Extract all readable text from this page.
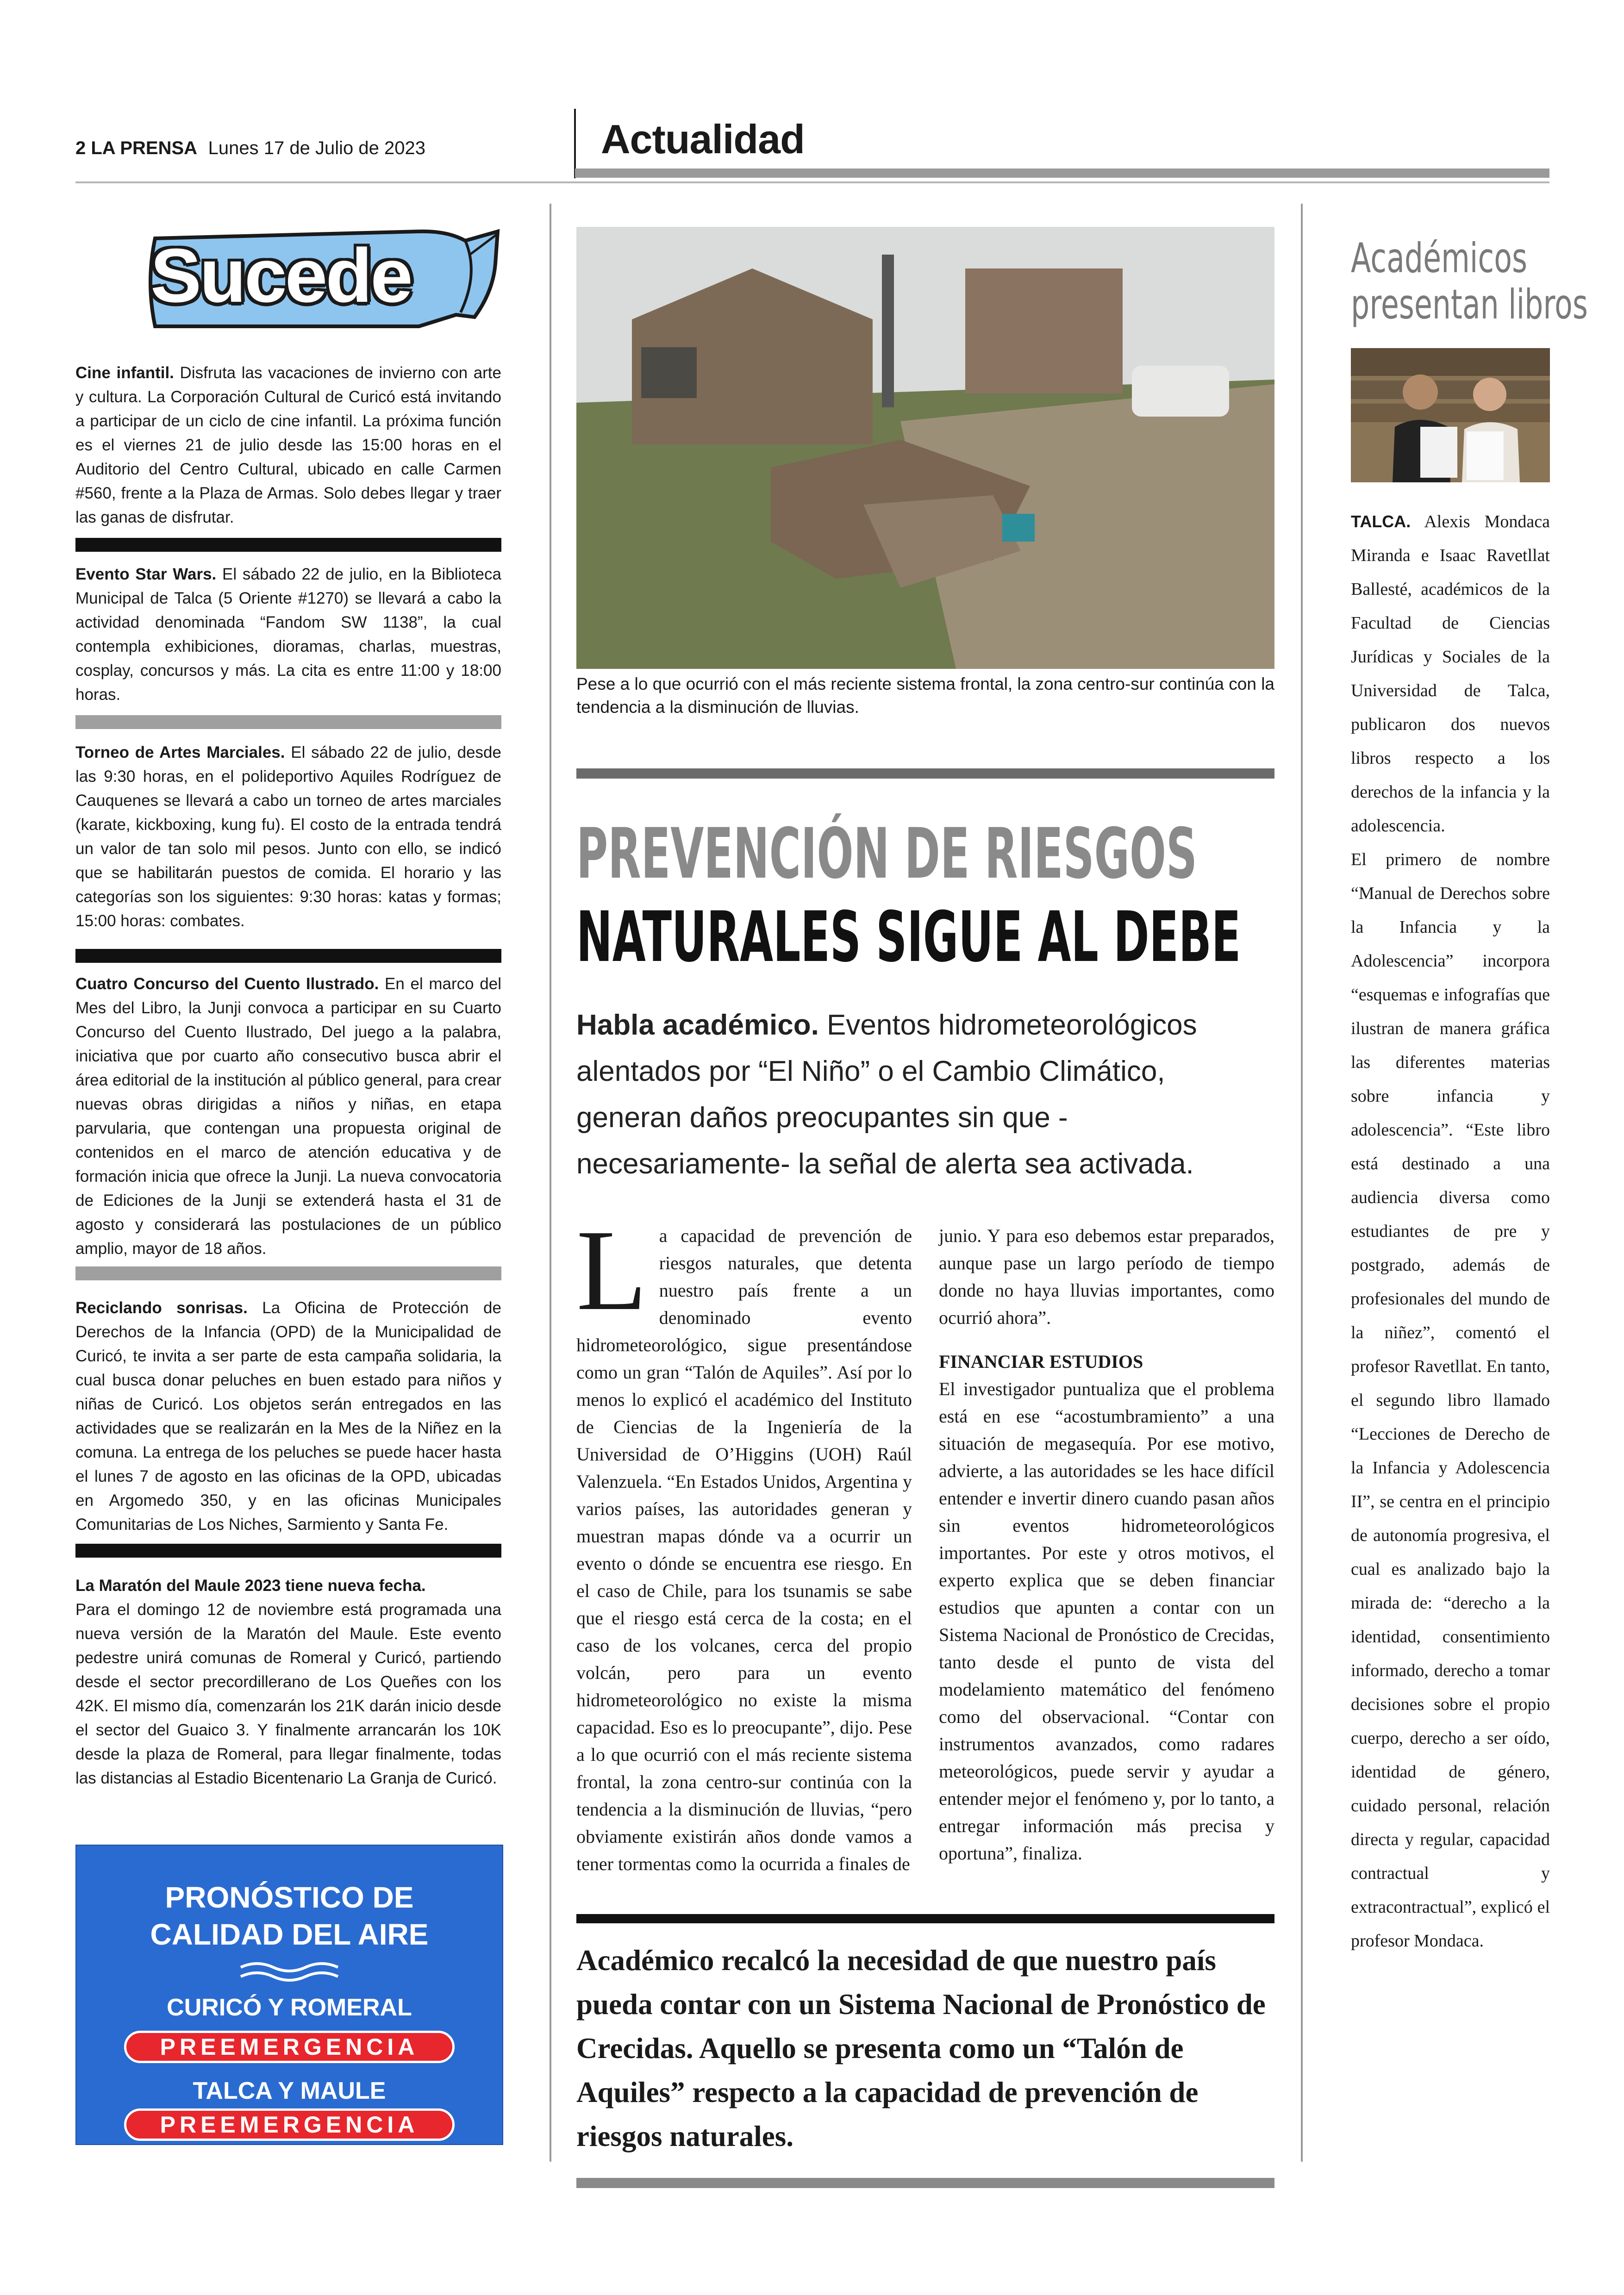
2 LA PRENSA Lunes 17 de Julio de 2023	Actualidad
Sucede
Cine infantil. Disfruta las vacaciones de invierno con arte y cultura. La Corporación Cultural de Curicó está invitando a participar de un ciclo de cine infantil. La próxima función es el viernes 21 de julio desde las 15:00 horas en el Auditorio del Centro Cultural, ubicado en calle Carmen #560, frente a la Plaza de Armas. Solo debes llegar y traer las ganas de disfrutar.
Evento Star Wars. El sábado 22 de julio, en la Biblioteca Municipal de Talca (5 Oriente #1270) se llevará a cabo la actividad denominada “Fandom SW 1138”, la cual contempla exhibiciones, dioramas, charlas, muestras, cosplay, concursos y más. La cita es entre 11:00 y 18:00 horas.
Torneo de Artes Marciales. El sábado 22 de julio, desde las 9:30 horas, en el polideportivo Aquiles Rodríguez de Cauquenes se llevará a cabo un torneo de artes marciales (karate, kickboxing, kung fu). El costo de la entrada tendrá un valor de tan solo mil pesos. Junto con ello, se indicó que se habilitarán puestos de comida. El horario y las categorías son los siguientes: 9:30 horas: katas y formas; 15:00 horas: combates.
Cuatro Concurso del Cuento Ilustrado. En el marco del Mes del Libro, la Junji convoca a participar en su Cuarto Concurso del Cuento Ilustrado, Del juego a la palabra, iniciativa que por cuarto año consecutivo busca abrir el área editorial de la institución al público general, para crear nuevas obras dirigidas a niños y niñas, en etapa parvularia, que contengan una propuesta original de contenidos en el marco de atención educativa y de formación inicia que ofrece la Junji. La nueva convocatoria de Ediciones de la Junji se extenderá hasta el 31 de agosto y considerará las postulaciones de un público amplio, mayor de 18 años.
Reciclando sonrisas. La Oficina de Protección de Derechos de la Infancia (OPD) de la Municipalidad de Curicó, te invita a ser parte de esta campaña solidaria, la cual busca donar peluches en buen estado para niños y niñas de Curicó. Los objetos serán entregados en las actividades que se realizarán en la Mes de la Niñez en la comuna. La entrega de los peluches se puede hacer hasta el lunes 7 de agosto en las oficinas de la OPD, ubicadas en Argomedo 350, y en las oficinas Municipales Comunitarias de Los Niches, Sarmiento y Santa Fe.
La Maratón del Maule 2023 tiene nueva fecha.
Para el domingo 12 de noviembre está programada una nueva versión de la Maratón del Maule. Este evento pedestre unirá comunas de Romeral y Curicó, partiendo desde el sector precordillerano de Los Queñes con los 42K. El mismo día, comenzarán los 21K darán inicio desde el sector del Guaico 3. Y finalmente arrancarán los 10K desde la plaza de Romeral, para llegar finalmente, todas las distancias al Estadio Bicentenario La Granja de Curicó.
PRONÓSTICO DE
CALIDAD DEL AIRE
CURICÓ Y ROMERAL
PREEMERGENCIA
TALCA Y MAULE
PREEMERGENCIA
Pese a lo que ocurrió con el más reciente sistema frontal, la zona centro-sur continúa con la tendencia a la disminución de lluvias.
PREVENCIÓN DE RIESGOS
NATURALES SIGUE AL DEBE
Habla académico. Eventos hidrometeorológicos alentados por “El Niño” o el Cambio Climático, generan daños preocupantes sin que -necesariamente- la señal de alerta sea activada.
L a capacidad de prevención de riesgos naturales, que detenta nuestro país frente a un denominado evento hidrometeorológico, sigue presentándose como un gran “Talón de Aquiles”. Así por lo menos lo explicó el académico del Instituto de Ciencias de la Ingeniería de la Universidad de O’Higgins (UOH) Raúl Valenzuela. “En Estados Unidos, Argentina y varios países, las autoridades generan y muestran mapas dónde va a ocurrir un evento o dónde se encuentra ese riesgo. En el caso de Chile, para los tsunamis se sabe que el riesgo está cerca de la costa; en el caso de los volcanes, cerca del propio volcán, pero para un evento hidrometeorológico no existe la misma capacidad. Eso es lo preocupante”, dijo. Pese a lo que ocurrió con el más reciente sistema frontal, la zona centro-sur continúa con la tendencia a la disminución de lluvias, “pero obviamente existirán años donde vamos a tener tormentas como la ocurrida a finales de
junio. Y para eso debemos estar preparados, aunque pase un largo período de tiempo donde no haya lluvias importantes, como ocurrió ahora”.
FINANCIAR ESTUDIOS
El investigador puntualiza que el problema está en ese “acostumbramiento” a una situación de megasequía. Por ese motivo, advierte, a las autoridades se les hace difícil entender e invertir dinero cuando pasan años sin eventos hidrometeorológicos importantes. Por este y otros motivos, el experto explica que se deben financiar estudios que apunten a contar con un Sistema Nacional de Pronóstico de Crecidas, tanto desde el punto de vista del modelamiento matemático del fenómeno como del observacional. “Contar con instrumentos avanzados, como radares meteorológicos, puede servir y ayudar a entender mejor el fenómeno y, por lo tanto, a entregar información más precisa y oportuna”, finaliza.
Académico recalcó la necesidad de que nuestro país pueda contar con un Sistema Nacional de Pronóstico de Crecidas. Aquello se presenta como un “Talón de Aquiles” respecto a la capacidad de prevención de riesgos naturales.
Académicos
presentan libros
TALCA. Alexis Mondaca Miranda e Isaac Ravetllat Ballesté, académicos de la Facultad de Ciencias Jurídicas y Sociales de la Universidad de Talca, publicaron dos nuevos libros respecto a los derechos de la infancia y la adolescencia.
El primero de nombre “Manual de Derechos sobre la Infancia y la Adolescencia” incorpora “esquemas e infografías que ilustran de manera gráfica las diferentes materias sobre infancia y adolescencia”. “Este libro está destinado a una audiencia diversa como estudiantes de pre y postgrado, además de profesionales del mundo de la niñez”, comentó el profesor Ravetllat. En tanto, el segundo libro llamado “Lecciones de Derecho de la Infancia y Adolescencia II”, se centra en el principio de autonomía progresiva, el cual es analizado bajo la mirada de: “derecho a la identidad, consentimiento informado, derecho a tomar decisiones sobre el propio cuerpo, derecho a ser oído, identidad de género, cuidado personal, relación directa y regular, capacidad contractual y extracontractual”, explicó el profesor Mondaca.
